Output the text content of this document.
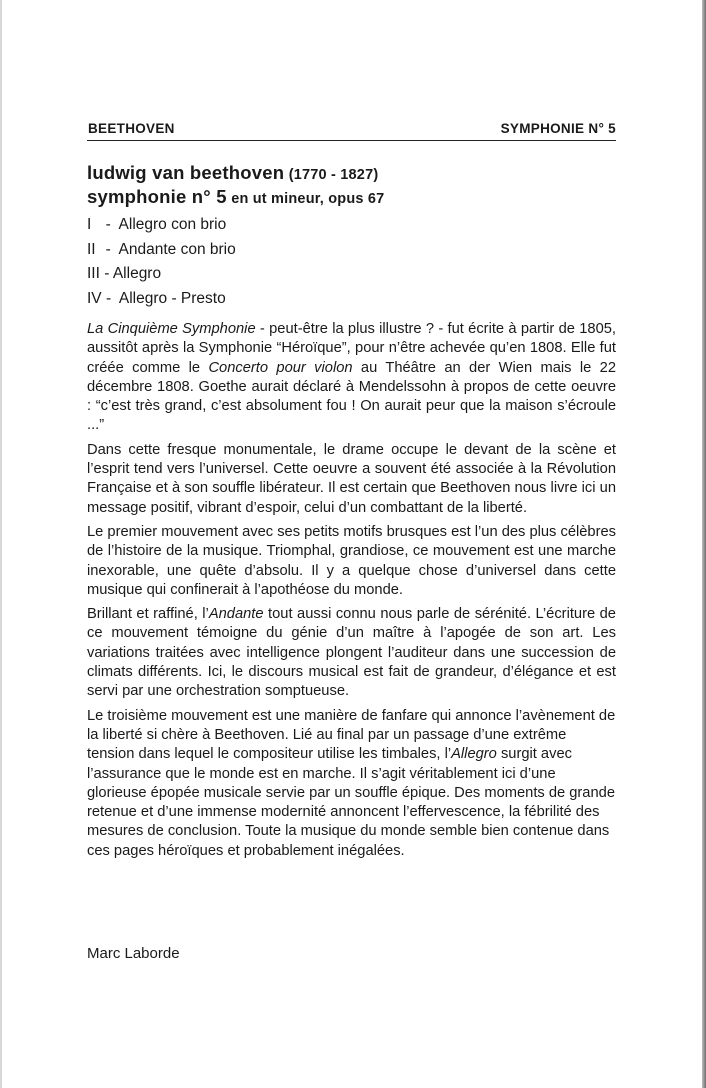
BEETHOVEN	SYMPHONIE N° 5
ludwig van beethoven (1770 - 1827)
symphonie n° 5 en ut mineur, opus 67
I  -  Allegro con brio
II  -  Andante con brio
III - Allegro
IV -  Allegro - Presto

La Cinquième Symphonie - peut-être la plus illustre ? - fut écrite à partir de 1805, aussitôt après la Symphonie “Héroïque”, pour n’être achevée qu’en 1808. Elle fut créée comme le Concerto pour violon au Théâtre an der Wien mais le 22 décembre 1808. Goethe aurait déclaré à Mendelssohn à propos de cette oeuvre : “c’est très grand, c’est absolument fou ! On aurait peur que la maison s’écroule ...”

Dans cette fresque monumentale, le drame occupe le devant de la scène et l’esprit tend vers l’universel. Cette oeuvre a souvent été associée à la Révolution Française et à son souffle libérateur. Il est certain que Beethoven nous livre ici un message positif, vibrant d’espoir, celui d’un combattant de la liberté.

Le premier mouvement avec ses petits motifs brusques est l’un des plus célèbres de l’histoire de la musique. Triomphal, grandiose, ce mouvement est une marche inexorable, une quête d’absolu. Il y a quelque chose d’universel dans cette musique qui confinerait à l’apothéose du monde.

Brillant et raffiné, l’Andante tout aussi connu nous parle de sérénité. L’écriture de ce mouvement témoigne du génie d’un maître à l’apogée de son art. Les variations traitées avec intelligence plongent l’auditeur dans une succession de climats différents. Ici, le discours musical est fait de grandeur, d’élégance et est servi par une orchestration somptueuse.

Le troisième mouvement est une manière de fanfare qui annonce l’avènement de la liberté si chère à Beethoven. Lié au final par un passage d’une extrême tension dans lequel le compositeur utilise les timbales, l’Allegro surgit avec l’assurance que le monde est en marche. Il s’agit véritablement ici d’une glorieuse épopée musicale servie par un souffle épique. Des moments de grande retenue et d’une immense modernité annoncent l’effervescence, la fébrilité des mesures de conclusion. Toute la musique du monde semble bien contenue dans ces pages héroïques et probablement inégalées.

Marc Laborde
